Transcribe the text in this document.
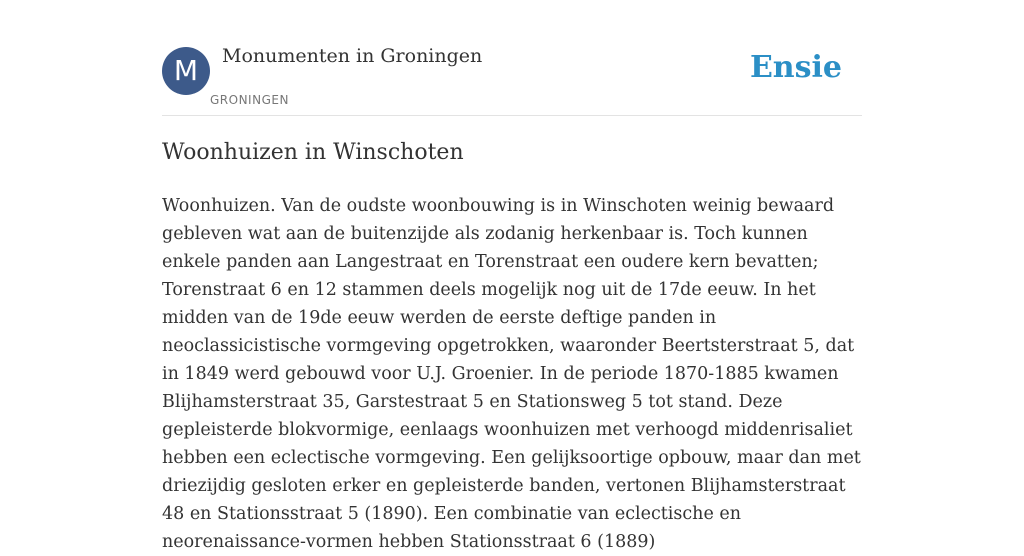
M	Monumenten in Groningen
GRONINGEN
Ensie
Woonhuizen in Winschoten

Woonhuizen. Van de oudste woonbouwing is in Winschoten weinig bewaard gebleven wat aan de buitenzijde als zodanig herkenbaar is. Toch kunnen enkele panden aan Langestraat en Torenstraat een oudere kern bevatten; Torenstraat 6 en 12 stammen deels mogelijk nog uit de 17de eeuw. In het midden van de 19de eeuw werden de eerste deftige panden in neoclassicistische vormgeving opgetrokken, waaronder Beertsterstraat 5, dat in 1849 werd gebouwd voor U.J. Groenier. In de periode 1870-1885 kwamen Blijhamsterstraat 35, Garstestraat 5 en Stationsweg 5 tot stand. Deze gepleisterde blokvormige, eenlaags woonhuizen met verhoogd middenrisaliet hebben een eclectische vormgeving. Een gelijksoortige opbouw, maar dan met driezijdig gesloten erker en gepleisterde banden, vertonen Blijhamsterstraat 48 en Stationsstraat 5 (1890). Een combinatie van eclectische en neorenaissance-vormen hebben Stationsstraat 6 (1889)
